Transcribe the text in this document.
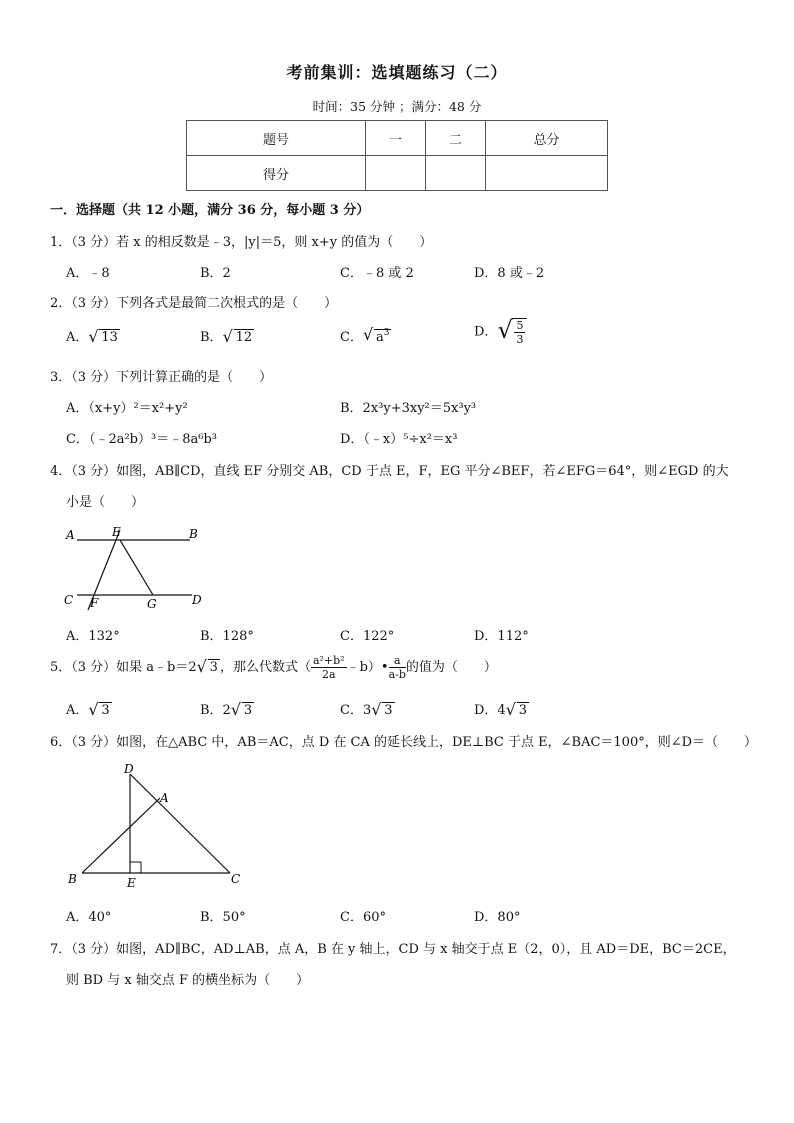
考前集训：选填题练习（二）
时间：35 分钟 ；满分：48 分
题号	一	二	总分
得分			
一．选择题（共 12 小题，满分 36 分，每小题 3 分）
1．（3 分）若 x 的相反数是﹣3，|y|＝5，则 x+y 的值为（　　）
A．﹣8	B．2	C．﹣8 或 2	D．8 或﹣2
2．（3 分）下列各式是最简二次根式的是（　　）
A． √ 13	B． √ 12	C． √ $a^3$	D． √ $\frac{5}{3}$
3．（3 分）下列计算正确的是（　　）
A．（x+y）²＝x²+y²	B．2x³y+3xy²＝5x³y³
C．（﹣2a²b）³＝﹣8a⁶b³	D．（﹣x）⁵÷x²＝x³
4．（3 分）如图，AB∥CD，直线 EF 分别交 AB，CD 于点 E，F，EG 平分∠BEF，若∠EFG＝64°，则∠EGD 的大
小是（　　）
A	E	B
C F	G	D
A．132°	B．128°	C．122°	D．112°
5．（3 分）如果 a﹣b＝2 √ 3 ，那么代数式（ $\frac{\text{a²+b²}}{2a}$ ﹣b）• $\frac{a}{a-b}$ 的值为（　　）
A． √ 3	B．2 √ 3	C．3 √ 3	D．4 √ 3
6．（3 分）如图，在△ABC 中，AB＝AC，点 D 在 CA 的延长线上，DE⊥BC 于点 E，∠BAC＝100°，则∠D＝（　　）
D
A
B	E	C
A．40°	B．50°	C．60°	D．80°
7．（3 分）如图，AD∥BC，AD⊥AB，点 A，B 在 y 轴上，CD 与 x 轴交于点 E（2，0），且 AD＝DE，BC＝2CE，
则 BD 与 x 轴交点 F 的横坐标为（　　）
